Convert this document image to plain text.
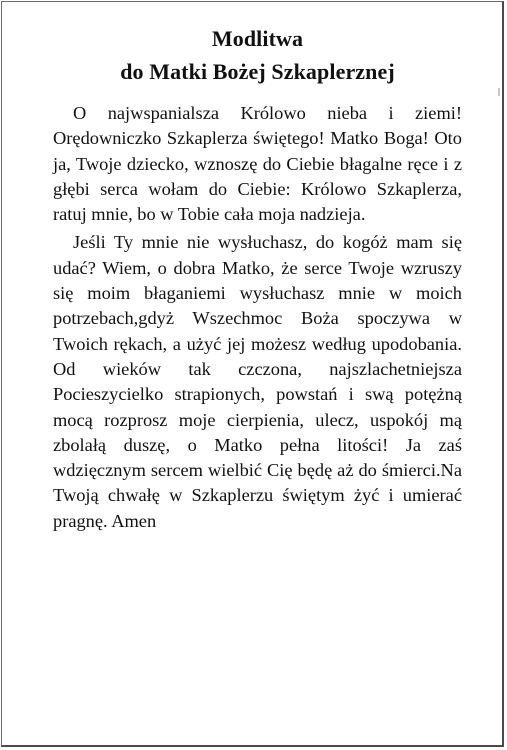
Modlitwa
do Matki Bożej Szkaplerznej

O najwspanialsza Królowo nieba i ziemi! Orędowniczko Szkaplerza świętego! Matko Boga! Oto ja, Twoje dziecko, wznoszę do Ciebie błagalne ręce i z głębi serca wołam do Ciebie: Królowo Szkaplerza, ratuj mnie, bo w Tobie cała moja nadzieja.

Jeśli Ty mnie nie wysłuchasz, do kogóż mam się udać? Wiem, o dobra Matko, że serce Twoje wzruszy się moim błaganiemi wysłuchasz mnie w moich potrzebach,gdyż Wszechmoc Boża spoczywa w Twoich rękach, a użyć jej możesz według upodobania. Od wieków tak czczona, najszlachetniejsza Pocieszycielko strapionych, powstań i swą potężną mocą rozprosz moje cierpienia, ulecz, uspokój mą zbolałą duszę, o Matko pełna litości! Ja zaś wdzięcznym sercem wielbić Cię będę aż do śmierci.Na Twoją chwałę w Szkaplerzu świętym żyć i umierać pragnę. Amen
